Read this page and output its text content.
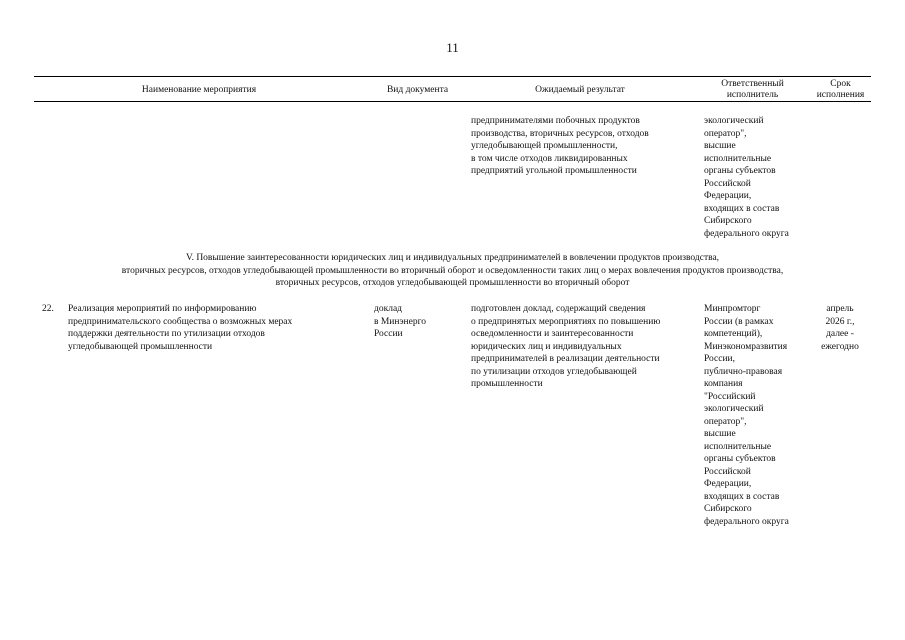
11
Наименование мероприятия	Вид документа	Ожидаемый результат
Ответственный
исполнитель
Срок
исполнения
предпринимателями побочных продуктов
производства, вторичных ресурсов, отходов
угледобывающей промышленности,
в том числе отходов ликвидированных
предприятий угольной промышленности
экологический
оператор",
высшие
исполнительные
органы субъектов
Российской
Федерации,
входящих в состав
Сибирского
федерального округа
V. Повышение заинтересованности юридических лиц и индивидуальных предпринимателей в вовлечении продуктов производства,
вторичных ресурсов, отходов угледобывающей промышленности во вторичный оборот и осведомленности таких лиц о мерах вовлечения продуктов производства,
вторичных ресурсов, отходов угледобывающей промышленности во вторичный оборот
22. Реализация мероприятий по информированию
предпринимательского сообщества о возможных мерах
поддержки деятельности по утилизации отходов
угледобывающей промышленности
доклад
в Минэнерго
России
подготовлен доклад, содержащий сведения
о предпринятых мероприятиях по повышению
осведомленности и заинтересованности
юридических лиц и индивидуальных
предпринимателей в реализации деятельности
по утилизации отходов угледобывающей
промышленности
Минпромторг
России (в рамках
компетенций),
Минэкономразвития
России,
публично-правовая
компания
"Российский
экологический
оператор",
высшие
исполнительные
органы субъектов
Российской
Федерации,
входящих в состав
Сибирского
федерального округа
апрель
2026 г.,
далее -
ежегодно
